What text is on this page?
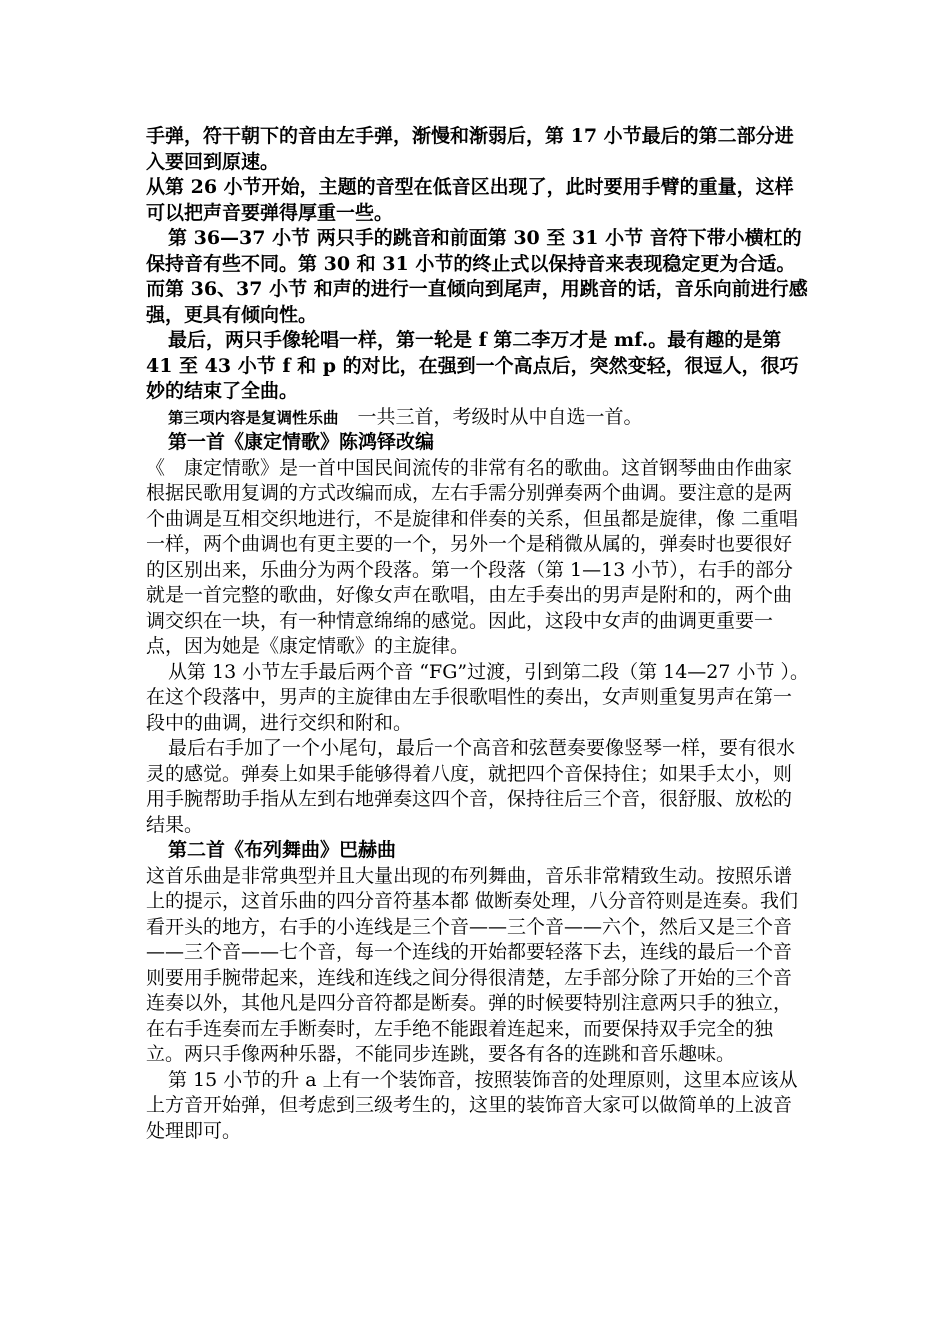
手弹，符干朝下的音由左手弹，渐慢和渐弱后，第 17 小节最后的第二部分进入要回到原速。

从第 26 小节开始，主题的音型在低音区出现了，此时要用手臂的重量，这样可以把声音要弹得厚重一些。

第 36—37 小节 两只手的跳音和前面第 30 至 31 小节 音符下带小横杠的保持音有些不同。第 30 和 31 小节的终止式以保持音来表现稳定更为合适。

而第 36、37 小节 和声的进行一直倾向到尾声，用跳音的话，音乐向前进行感强，更具有倾向性。

最后，两只手像轮唱一样，第一轮是 f 第二李万才是 mf.。最有趣的是第 41 至 43 小节 f 和 p 的对比，在强到一个高点后，突然变轻，很逗人，很巧妙的结束了全曲。

第三项内容是复调性乐曲　 一共三首，考级时从中自选一首。

第一首《康定情歌》陈鸿铎改编

《　康定情歌》是一首中国民间流传的非常有名的歌曲。这首钢琴曲由作曲家根据民歌用复调的方式改编而成，左右手需分别弹奏两个曲调。要注意的是两个曲调是互相交织地进行，不是旋律和伴奏的关系，但虽都是旋律，像 二重唱一样，两个曲调也有更主要的一个，另外一个是稍微从属的，弹奏时也要很好的区别出来，乐曲分为两个段落。第一个段落（第 1—13 小节），右手的部分就是一首完整的歌曲，好像女声在歌唱，由左手奏出的男声是附和的，两个曲调交织在一块，有一种情意绵绵的感觉。因此，这段中女声的曲调更重要一点，因为她是《康定情歌》的主旋律。

从第 13 小节左手最后两个音 “FG”过渡，引到第二段（第 14—27 小节 ）。在这个段落中，男声的主旋律由左手很歌唱性的奏出，女声则重复男声在第一段中的曲调，进行交织和附和。

最后右手加了一个小尾句，最后一个高音和弦琶奏要像竖琴一样，要有很水灵的感觉。弹奏上如果手能够得着八度，就把四个音保持住；如果手太小，则用手腕帮助手指从左到右地弹奏这四个音，保持往后三个音，很舒服、放松的结果。

第二首《布列舞曲》巴赫曲

这首乐曲是非常典型并且大量出现的布列舞曲，音乐非常精致生动。按照乐谱上的提示，这首乐曲的四分音符基本都 做断奏处理，八分音符则是连奏。我们看开头的地方，右手的小连线是三个音——三个音——六个，然后又是三个音——三个音——七个音，每一个连线的开始都要轻落下去，连线的最后一个音则要用手腕带起来，连线和连线之间分得很清楚，左手部分除了开始的三个音连奏以外，其他凡是四分音符都是断奏。弹的时候要特别注意两只手的独立，在右手连奏而左手断奏时，左手绝不能跟着连起来，而要保持双手完全的独立。两只手像两种乐器，不能同步连跳，要各有各的连跳和音乐趣味。

第 15 小节的升 a 上有一个装饰音，按照装饰音的处理原则，这里本应该从上方音开始弹，但考虑到三级考生的，这里的装饰音大家可以做简单的上波音处理即可。
